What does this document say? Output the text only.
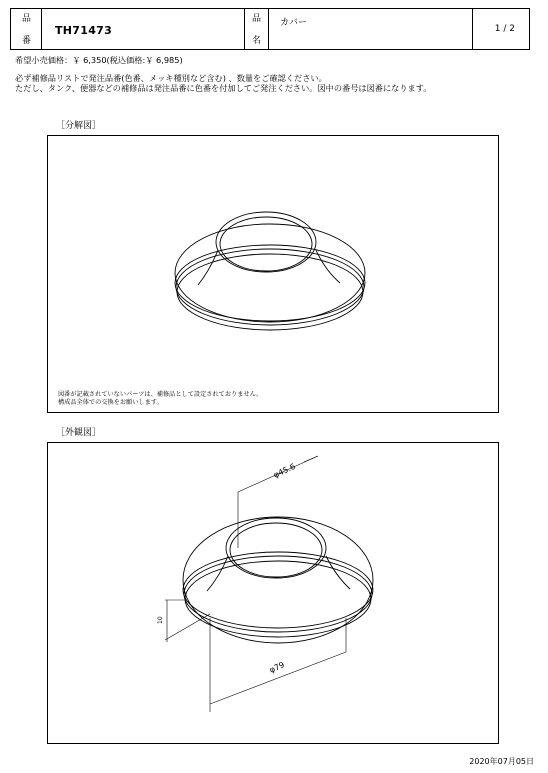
品
番
TH71473
品
名
カバー
1 / 2
希望小売価格：￥ 6,350(税込価格:￥ 6,985)
必ず補修品リストで発注品番(色番、メッキ種別など含む) 、数量をご確認ください。
ただし、タンク、便器などの補修品は発注品番に色番を付加してご発注ください。図中の番号は図番になります。
［分解図］
図番が記載されていないパーツは、補修品として設定されておりません。
構成品全体での交換をお願いします。
［外観図］
φ45.6
φ79
10
2020年07月05日
